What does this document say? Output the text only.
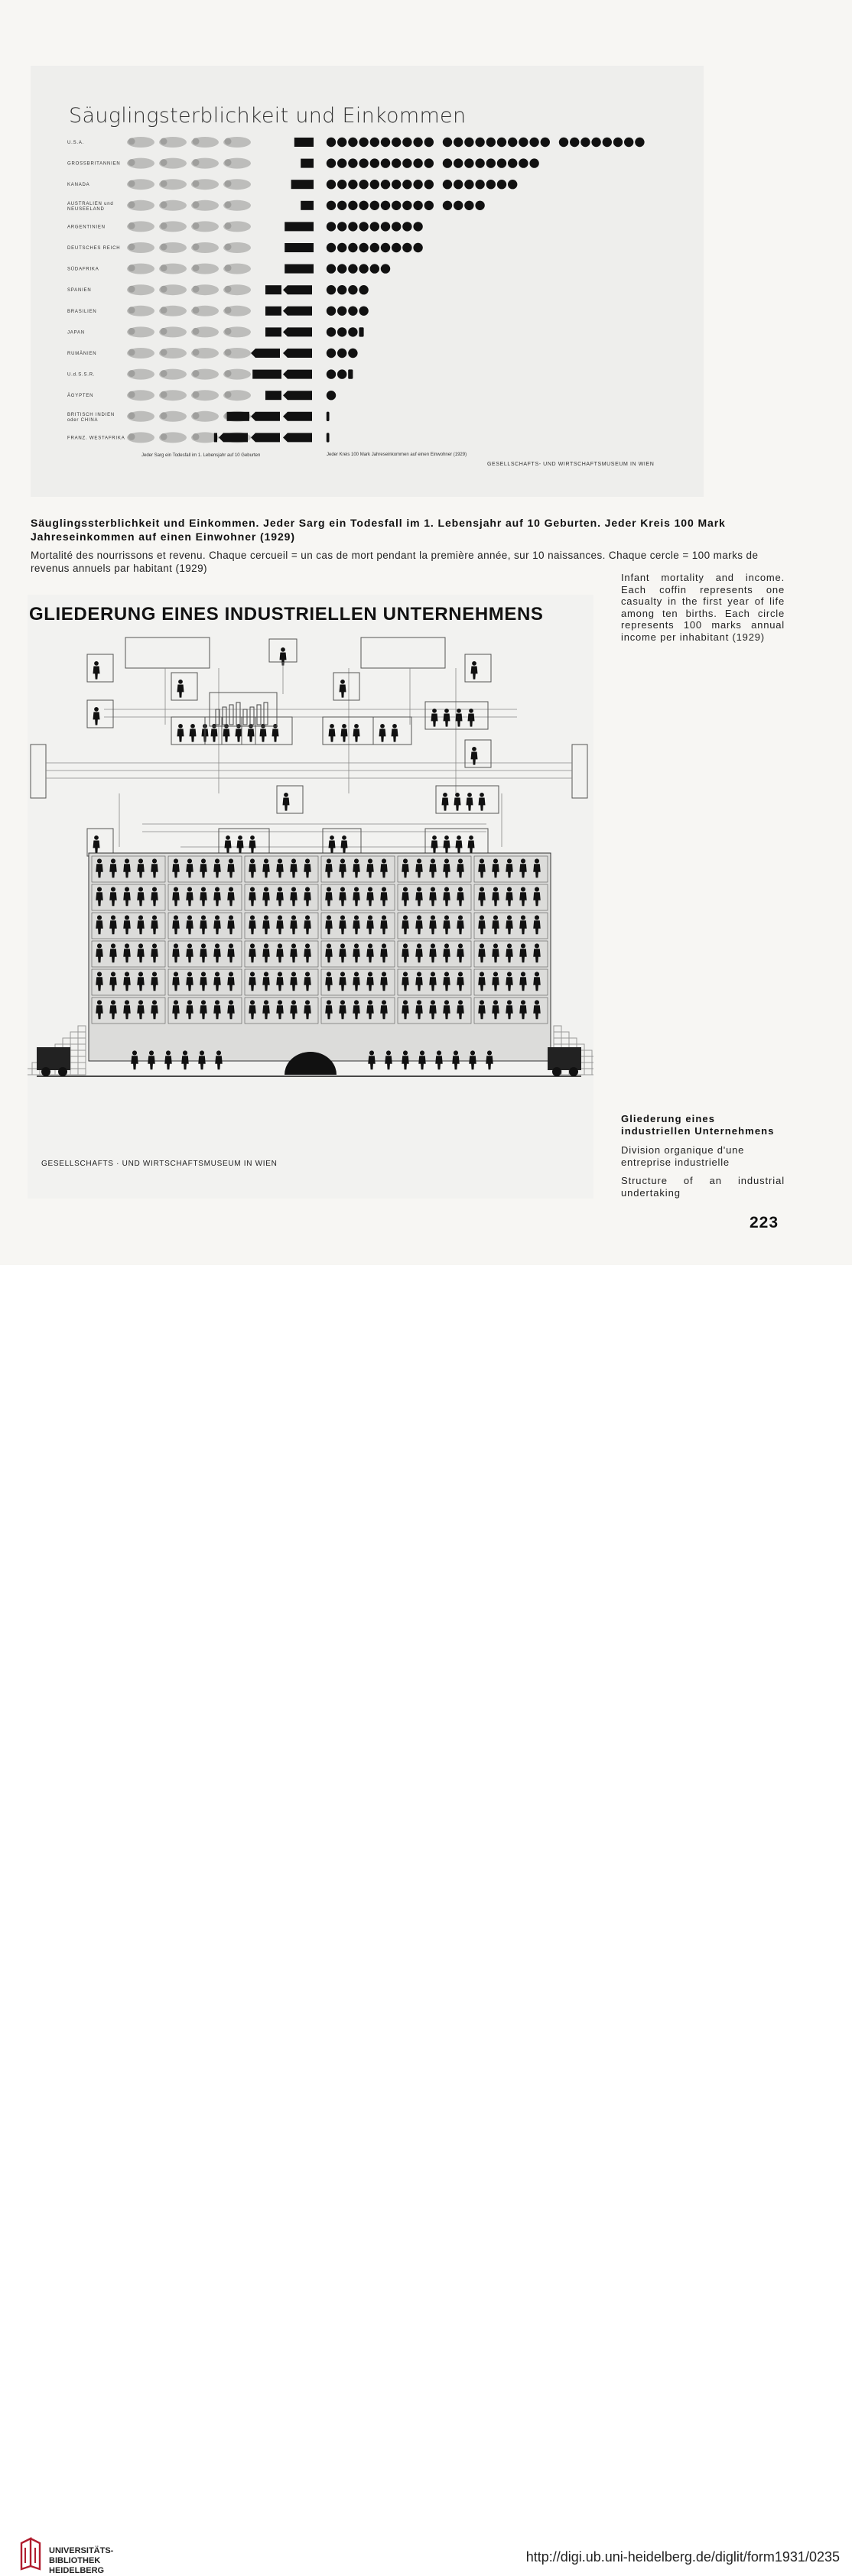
Säuglingsterblichkeit und Einkommen
U.S.A.
GROSSBRITANNIEN
KANADA
AUSTRALIEN und
NEUSEELAND
ARGENTINIEN
DEUTSCHES REICH
SÜDAFRIKA
SPANIEN
BRASILIEN
JAPAN
RUMÄNIEN
U.d.S.S.R.
ÄGYPTEN
BRITISCH INDIEN
oder CHINA
FRANZ. WESTAFRIKA
Jeder Sarg ein Todesfall im 1. Lebensjahr auf 10 Geburten	Jeder Kreis 100 Mark Jahreseinkommen auf einen Einwohner (1929)
GESELLSCHAFTS- UND WIRTSCHAFTSMUSEUM IN WIEN
Säuglingssterblichkeit und Einkommen. Jeder Sarg ein Todesfall im 1. Lebensjahr auf 10 Geburten. Jeder Kreis 100 Mark Jahreseinkommen auf einen Einwohner (1929)
Mortalité des nourrissons et revenu. Chaque cercueil = un cas de mort pendant la première année, sur 10 naissances. Chaque cercle = 100 marks de revenus annuels par habitant (1929)
Infant mortality and income. Each coffin represents one casualty in the first year of life among ten births. Each circle represents 100 marks annual income per inhabitant (1929)
GLIEDERUNG EINES INDUSTRIELLEN UNTERNEHMENS
GESELLSCHAFTS · UND WIRTSCHAFTSMUSEUM IN WIEN
Gliederung eines industriellen Unternehmens
Division organique d'une entreprise industrielle
Structure of an industrial undertaking
223
UNIVERSITÄTS-
BIBLIOTHEK
HEIDELBERG
http://digi.ub.uni-heidelberg.de/diglit/form1931/0235
